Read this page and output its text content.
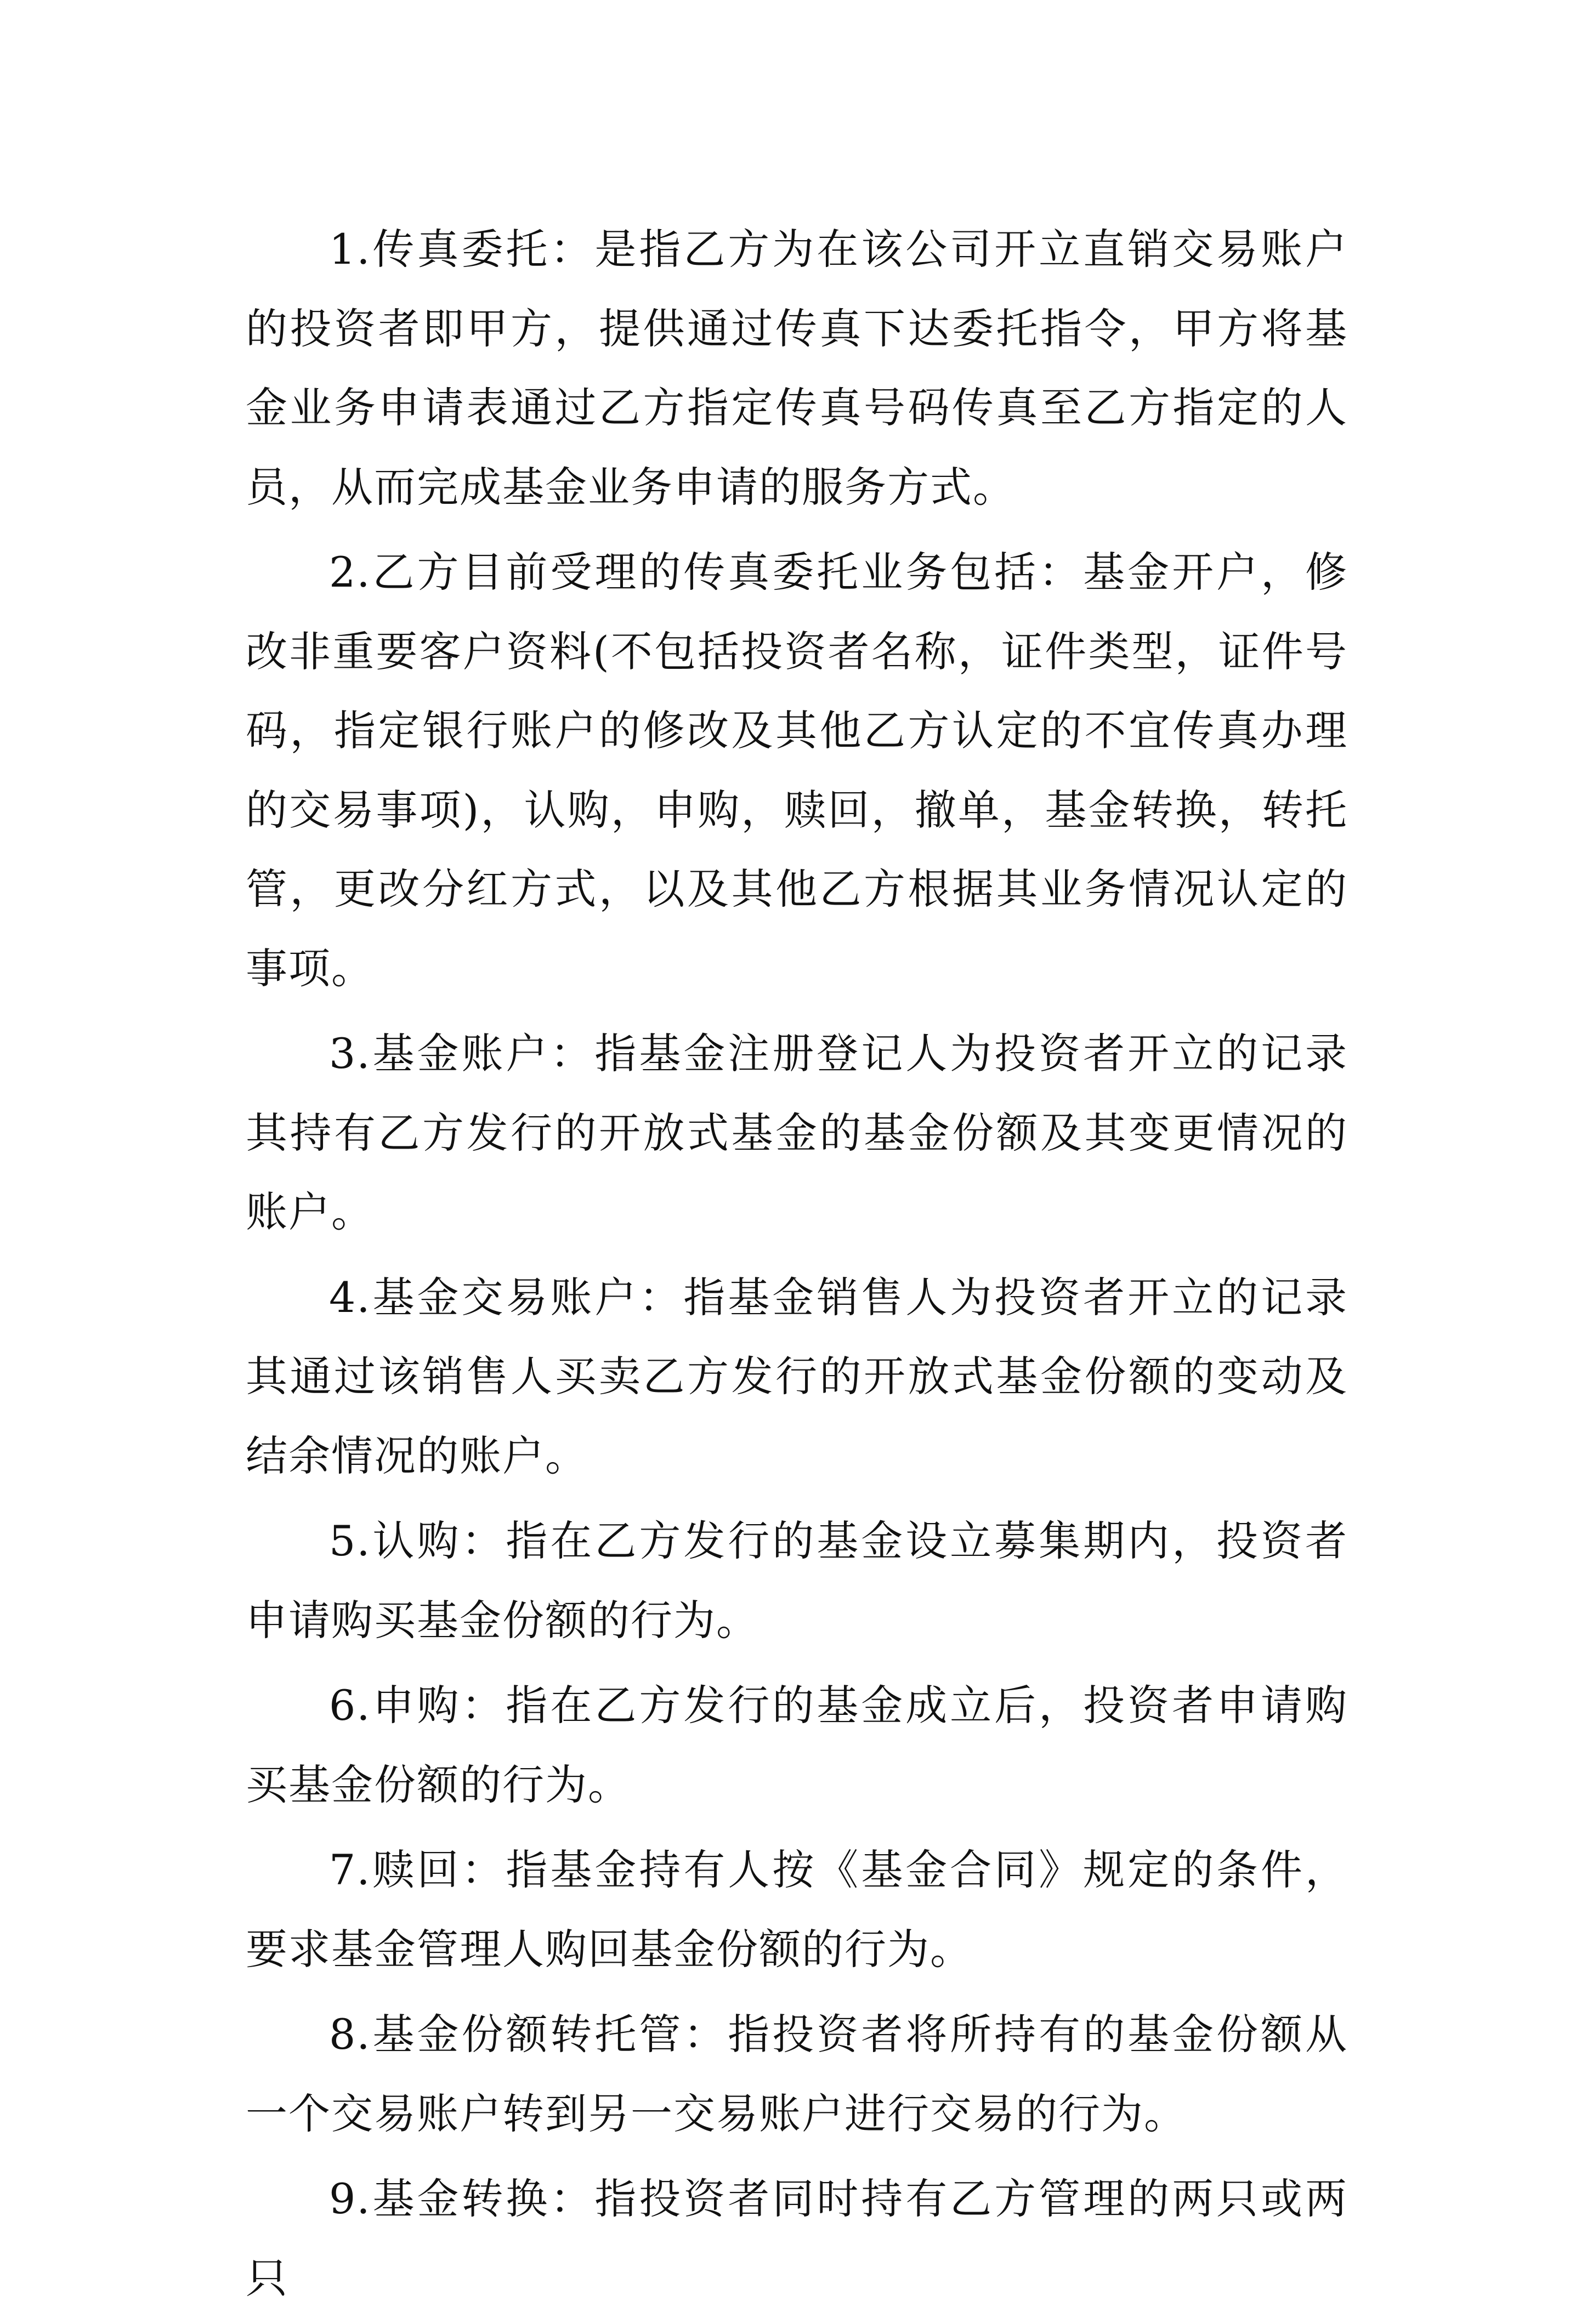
1.传真委托：是指乙方为在该公司开立直销交易账户的投资者即甲方，提供通过传真下达委托指令，甲方将基金业务申请表通过乙方指定传真号码传真至乙方指定的人员，从而完成基金业务申请的服务方式。

2.乙方目前受理的传真委托业务包括：基金开户，修改非重要客户资料(不包括投资者名称，证件类型，证件号码，指定银行账户的修改及其他乙方认定的不宜传真办理的交易事项)，认购，申购，赎回，撤单，基金转换，转托管，更改分红方式，以及其他乙方根据其业务情况认定的事项。

3.基金账户：指基金注册登记人为投资者开立的记录其持有乙方发行的开放式基金的基金份额及其变更情况的账户。

4.基金交易账户：指基金销售人为投资者开立的记录其通过该销售人买卖乙方发行的开放式基金份额的变动及结余情况的账户。

5.认购：指在乙方发行的基金设立募集期内，投资者申请购买基金份额的行为。

6.申购：指在乙方发行的基金成立后，投资者申请购买基金份额的行为。

7.赎回：指基金持有人按《基金合同》规定的条件，要求基金管理人购回基金份额的行为。

8.基金份额转托管：指投资者将所持有的基金份额从一个交易账户转到另一交易账户进行交易的行为。

9.基金转换：指投资者同时持有乙方管理的两只或两只
